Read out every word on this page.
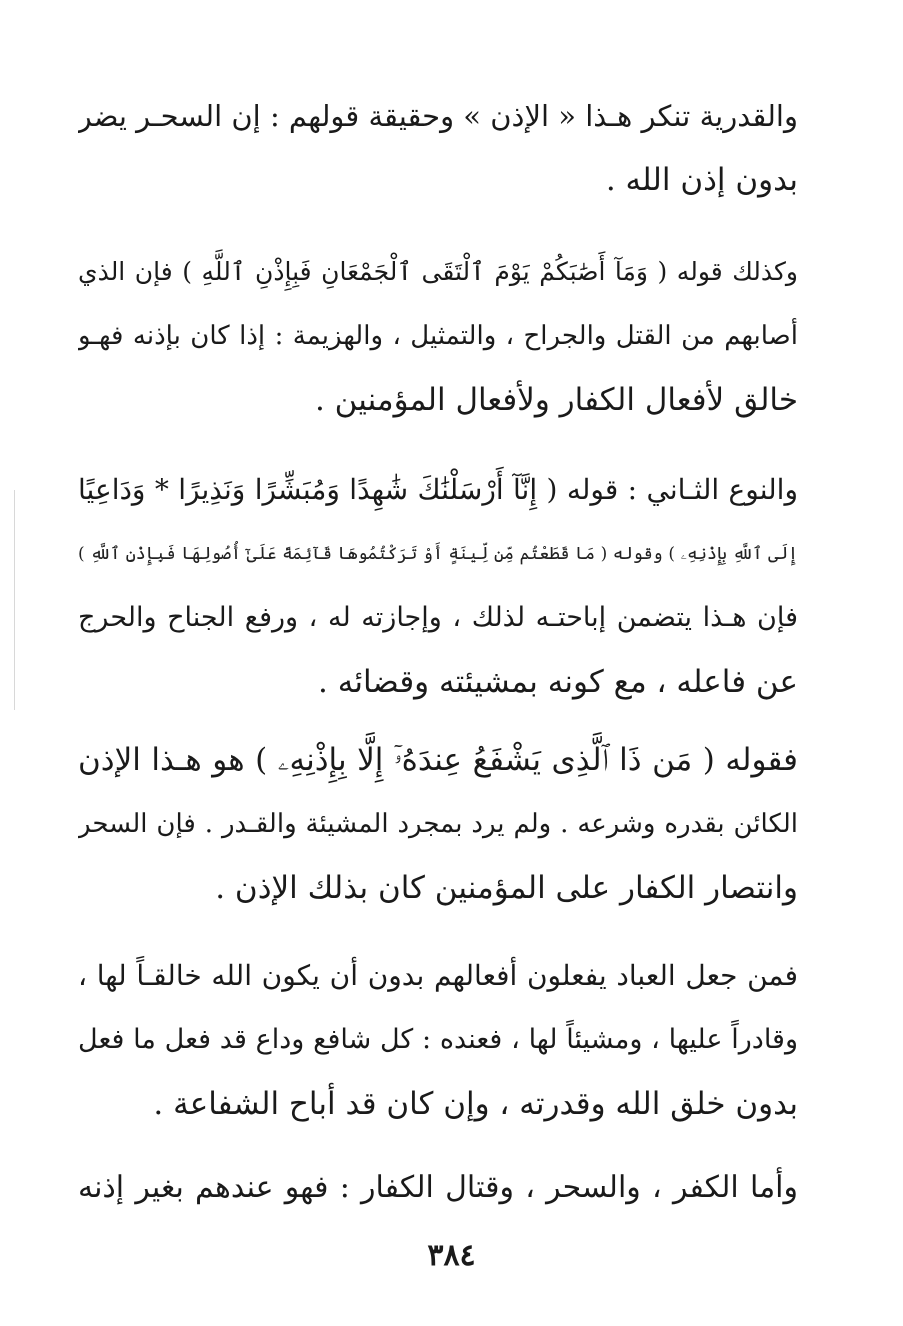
والقدرية تنكر هـذا « الإذن » وحقيقة قولهم : إن السحـر يضر
بدون إذن الله .
وكذلك قوله ( وَمَآ أَصَٰبَكُمْ يَوْمَ ٱلْتَقَى ٱلْجَمْعَانِ فَبِإِذْنِ ٱللَّهِ ) فإن الذي
أصابهم من القتل والجراح ، والتمثيل ، والهزيمة : إذا كان بإذنه فهـو
خالق لأفعال الكفار ولأفعال المؤمنين .
والنوع الثـاني : قوله ( إِنَّآ أَرْسَلْنَٰكَ شَٰهِدًا وَمُبَشِّرًا وَنَذِيرًا * وَدَاعِيًا
إِلَى ٱللَّهِ بِإِذْنِهِۦ ) وقوله ( مَا قَطَعْتُم مِّن لِّينَةٍ أَوْ تَرَكْتُمُوهَا قَآئِمَةً عَلَىٰٓ أُصُولِهَا فَبِإِذْنِ ٱللَّهِ )
فإن هـذا يتضمن إباحتـه لذلك ، وإجازته له ، ورفع الجناح والحرج
عن فاعله ، مع كونه بمشيئته وقضائه .
فقوله ( مَن ذَا ٱلَّذِى يَشْفَعُ عِندَهُۥٓ إِلَّا بِإِذْنِهِۦ ) هو هـذا الإذن
الكائن بقدره وشرعه . ولم يرد بمجرد المشيئة والقـدر . فإن السحر
وانتصار الكفار على المؤمنين كان بذلك الإذن .
فمن جعل العباد يفعلون أفعالهم بدون أن يكون الله خالقـاً لها ،
وقادراً عليها ، ومشيئاً لها ، فعنده : كل شافع وداع قد فعل ما فعل
بدون خلق الله وقدرته ، وإن كان قد أباح الشفاعة .
وأما الكفر ، والسحر ، وقتال الكفار : فهو عندهم بغير إذنه
٣٨٤
